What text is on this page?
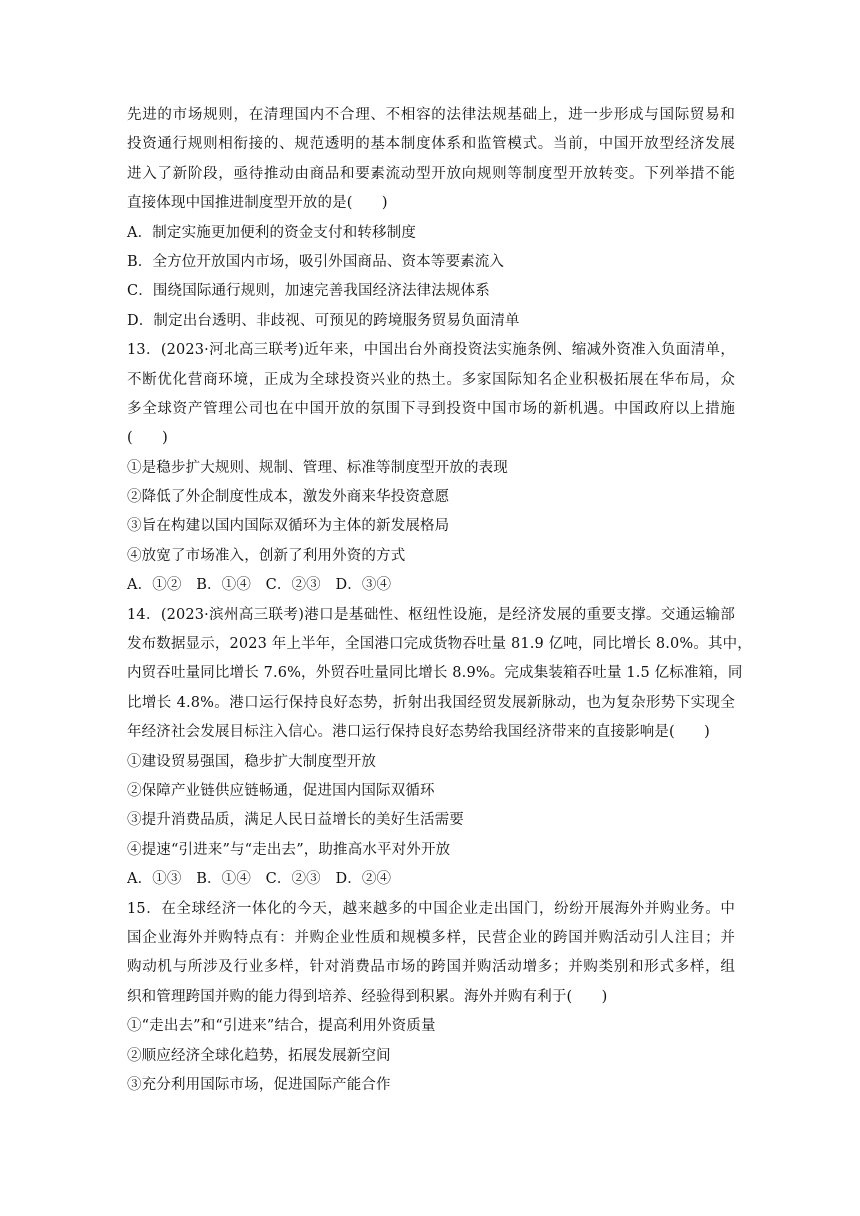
先进的市场规则，在清理国内不合理、不相容的法律法规基础上，进一步形成与国际贸易和
投资通行规则相衔接的、规范透明的基本制度体系和监管模式。当前，中国开放型经济发展
进入了新阶段，亟待推动由商品和要素流动型开放向规则等制度型开放转变。下列举措不能
直接体现中国推进制度型开放的是(　　)
A．制定实施更加便利的资金支付和转移制度
B．全方位开放国内市场，吸引外国商品、资本等要素流入
C．围绕国际通行规则，加速完善我国经济法律法规体系
D．制定出台透明、非歧视、可预见的跨境服务贸易负面清单
13．(2023·河北高三联考)近年来，中国出台外商投资法实施条例、缩减外资准入负面清单，
不断优化营商环境，正成为全球投资兴业的热土。多家国际知名企业积极拓展在华布局，众
多全球资产管理公司也在中国开放的氛围下寻到投资中国市场的新机遇。中国政府以上措施
(　　)
①是稳步扩大规则、规制、管理、标准等制度型开放的表现
②降低了外企制度性成本，激发外商来华投资意愿
③旨在构建以国内国际双循环为主体的新发展格局
④放宽了市场准入，创新了利用外资的方式
A．①②　B．①④　C．②③　D．③④
14．(2023·滨州高三联考)港口是基础性、枢纽性设施，是经济发展的重要支撑。交通运输部
发布数据显示，2023 年上半年，全国港口完成货物吞吐量 81.9 亿吨，同比增长 8.0%。其中，
内贸吞吐量同比增长 7.6%，外贸吞吐量同比增长 8.9%。完成集装箱吞吐量 1.5 亿标准箱，同
比增长 4.8%。港口运行保持良好态势，折射出我国经贸发展新脉动，也为复杂形势下实现全
年经济社会发展目标注入信心。港口运行保持良好态势给我国经济带来的直接影响是(　　)
①建设贸易强国，稳步扩大制度型开放
②保障产业链供应链畅通，促进国内国际双循环
③提升消费品质，满足人民日益增长的美好生活需要
④提速“引进来”与“走出去”，助推高水平对外开放
A．①③　B．①④　C．②③　D．②④
15．在全球经济一体化的今天，越来越多的中国企业走出国门，纷纷开展海外并购业务。中
国企业海外并购特点有：并购企业性质和规模多样，民营企业的跨国并购活动引人注目；并
购动机与所涉及行业多样，针对消费品市场的跨国并购活动增多；并购类别和形式多样，组
织和管理跨国并购的能力得到培养、经验得到积累。海外并购有利于(　　)
①“走出去”和“引进来”结合，提高利用外资质量
②顺应经济全球化趋势，拓展发展新空间
③充分利用国际市场，促进国际产能合作
